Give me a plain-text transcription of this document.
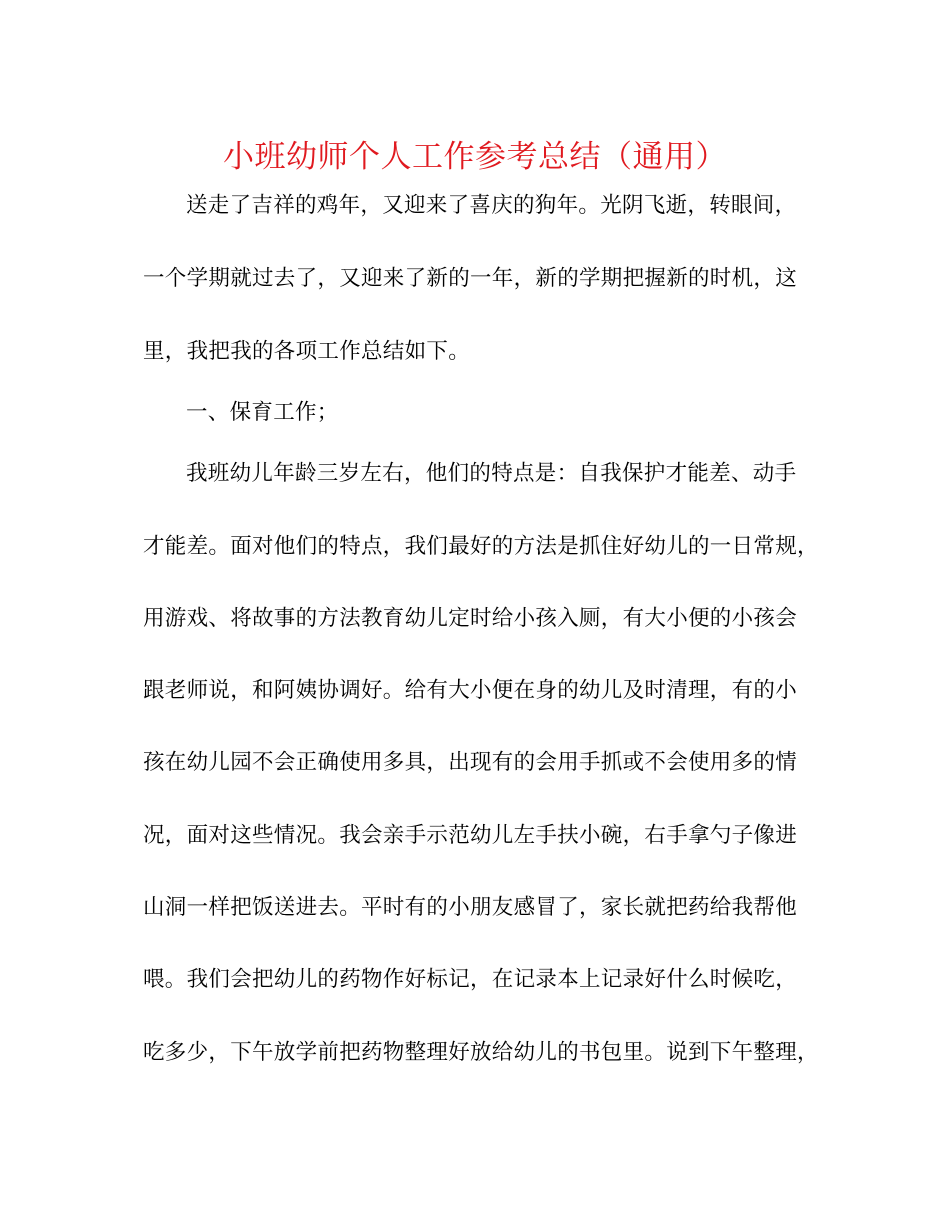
小班幼师个人工作参考总结（通用）
送走了吉祥的鸡年，又迎来了喜庆的狗年。光阴飞逝，转眼间，
一个学期就过去了，又迎来了新的一年，新的学期把握新的时机，这
里，我把我的各项工作总结如下。
一、保育工作；
我班幼儿年龄三岁左右，他们的特点是：自我保护才能差、动手
才能差。面对他们的特点，我们最好的方法是抓住好幼儿的一日常规，
用游戏、将故事的方法教育幼儿定时给小孩入厕，有大小便的小孩会
跟老师说，和阿姨协调好。给有大小便在身的幼儿及时清理，有的小
孩在幼儿园不会正确使用多具，出现有的会用手抓或不会使用多的情
况，面对这些情况。我会亲手示范幼儿左手扶小碗，右手拿勺子像进
山洞一样把饭送进去。平时有的小朋友感冒了，家长就把药给我帮他
喂。我们会把幼儿的药物作好标记，在记录本上记录好什么时候吃，
吃多少，下午放学前把药物整理好放给幼儿的书包里。说到下午整理，
